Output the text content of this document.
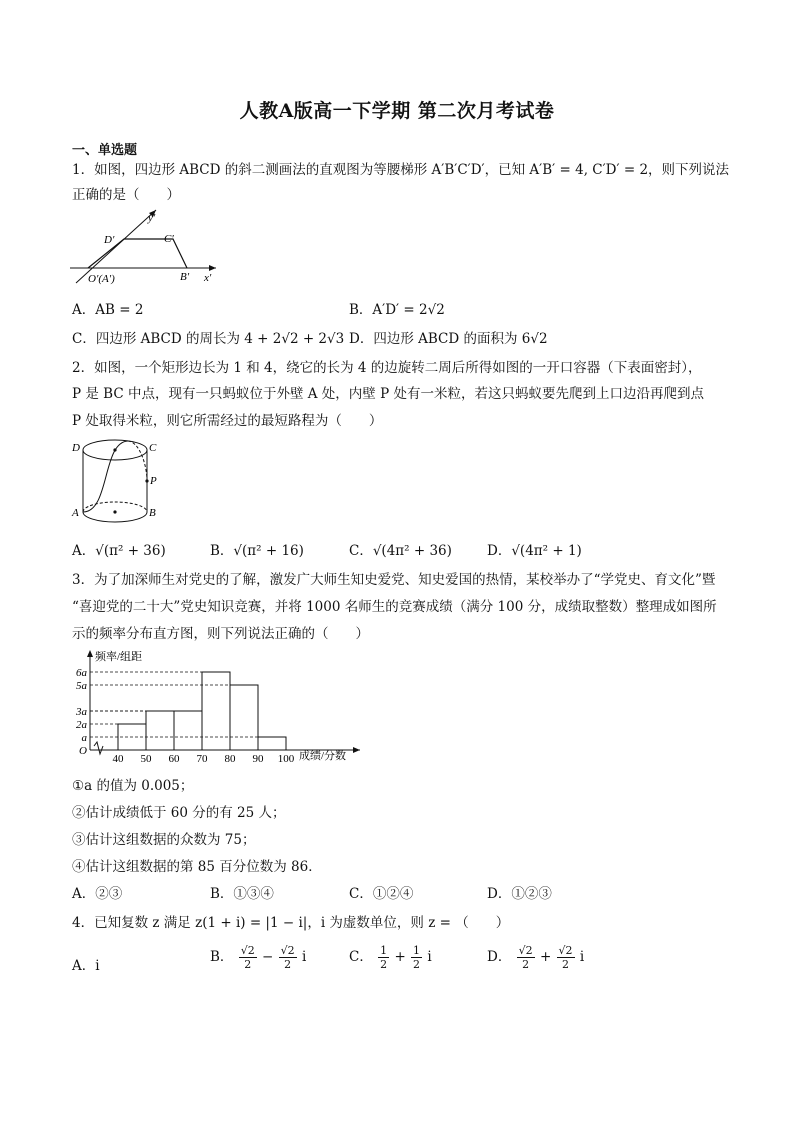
人教A版高一下学期 第二次月考试卷
一、单选题
1．如图，四边形 ABCD 的斜二测画法的直观图为等腰梯形 A′B′C′D′，已知 A′B′ = 4, C′D′ = 2，则下列说法
正确的是（　　）
y′
x′
D′	C′
O′(A′)	B′
A．AB = 2	B．A′D′ = 2√2
C．四边形 ABCD 的周长为 4 + 2√2 + 2√3 D．四边形 ABCD 的面积为 6√2
2．如图，一个矩形边长为 1 和 4，绕它的长为 4 的边旋转二周后所得如图的一开口容器（下表面密封），
P 是 BC 中点，现有一只蚂蚁位于外壁 A 处，内壁 P 处有一米粒，若这只蚂蚁要先爬到上口边沿再爬到点
P 处取得米粒，则它所需经过的最短路程为（　　）
D	C
P
A	B
A．√(π² + 36)	B．√(π² + 16)	C．√(4π² + 36)	D．√(4π² + 1)
3．为了加深师生对党史的了解，激发广大师生知史爱党、知史爱国的热情，某校举办了“学党史、育文化”暨
“喜迎党的二十大”党史知识竞赛，并将 1000 名师生的竞赛成绩（满分 100 分，成绩取整数）整理成如图所
示的频率分布直方图，则下列说法正确的（　　）
频率/组距
成绩/分数
O
a
2a
3a
5a
6a
40 50 60 70 80 90 100
①a 的值为 0.005；
②估计成绩低于 60 分的有 25 人；
③估计这组数据的众数为 75；
④估计这组数据的第 85 百分位数为 86．
A．②③	B．①③④	C．①②④	D．①②③
4．已知复数 z 满足 z(1 + i) = |1 − i|，i 为虚数单位，则 z = （　　）
A．i
B． $\frac{√2}{2} - \frac{√2}{2}$ i	C． $\frac{1}{2} + \frac{1}{2}$ i	D． $\frac{√2}{2} + \frac{√2}{2}$ i
